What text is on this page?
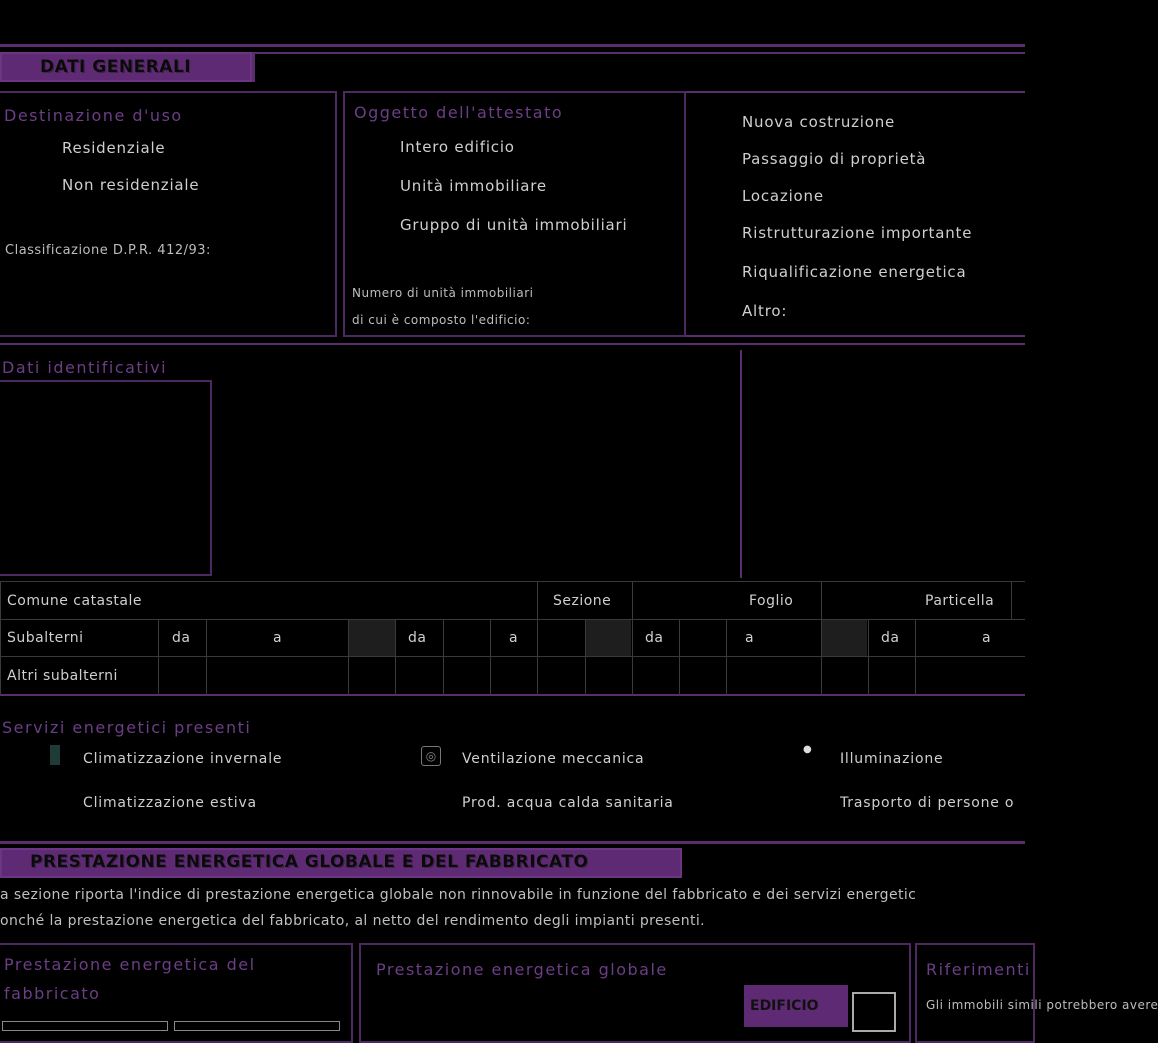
DATI GENERALI
Destinazione d'uso
Residenziale
Non residenziale
Classificazione D.P.R. 412/93:
Oggetto dell'attestato
Intero edificio
Unità immobiliare
Gruppo di unità immobiliari
Numero di unità immobiliari
di cui è composto l'edificio:
Nuova costruzione
Passaggio di proprietà
Locazione
Ristrutturazione importante
Riqualificazione energetica
Altro:
Dati identificativi
Comune catastale	Sezione	Foglio	Particella
Subalterni	da	a	da	a	da	a	da	a
Altri subalterni
Servizi energetici presenti
Climatizzazione invernale	◎	Ventilazione meccanica
●
Illuminazione
Climatizzazione estiva	Prod. acqua calda sanitaria	Trasporto di persone o
PRESTAZIONE ENERGETICA GLOBALE E DEL FABBRICATO
a sezione riporta l'indice di prestazione energetica globale non rinnovabile in funzione del fabbricato e dei servizi energetic
onché la prestazione energetica del fabbricato, al netto del rendimento degli impianti presenti.
Prestazione energetica del
fabbricato
Prestazione energetica globale
EDIFICIO
Riferimenti
Gli immobili simili potrebbero avere
